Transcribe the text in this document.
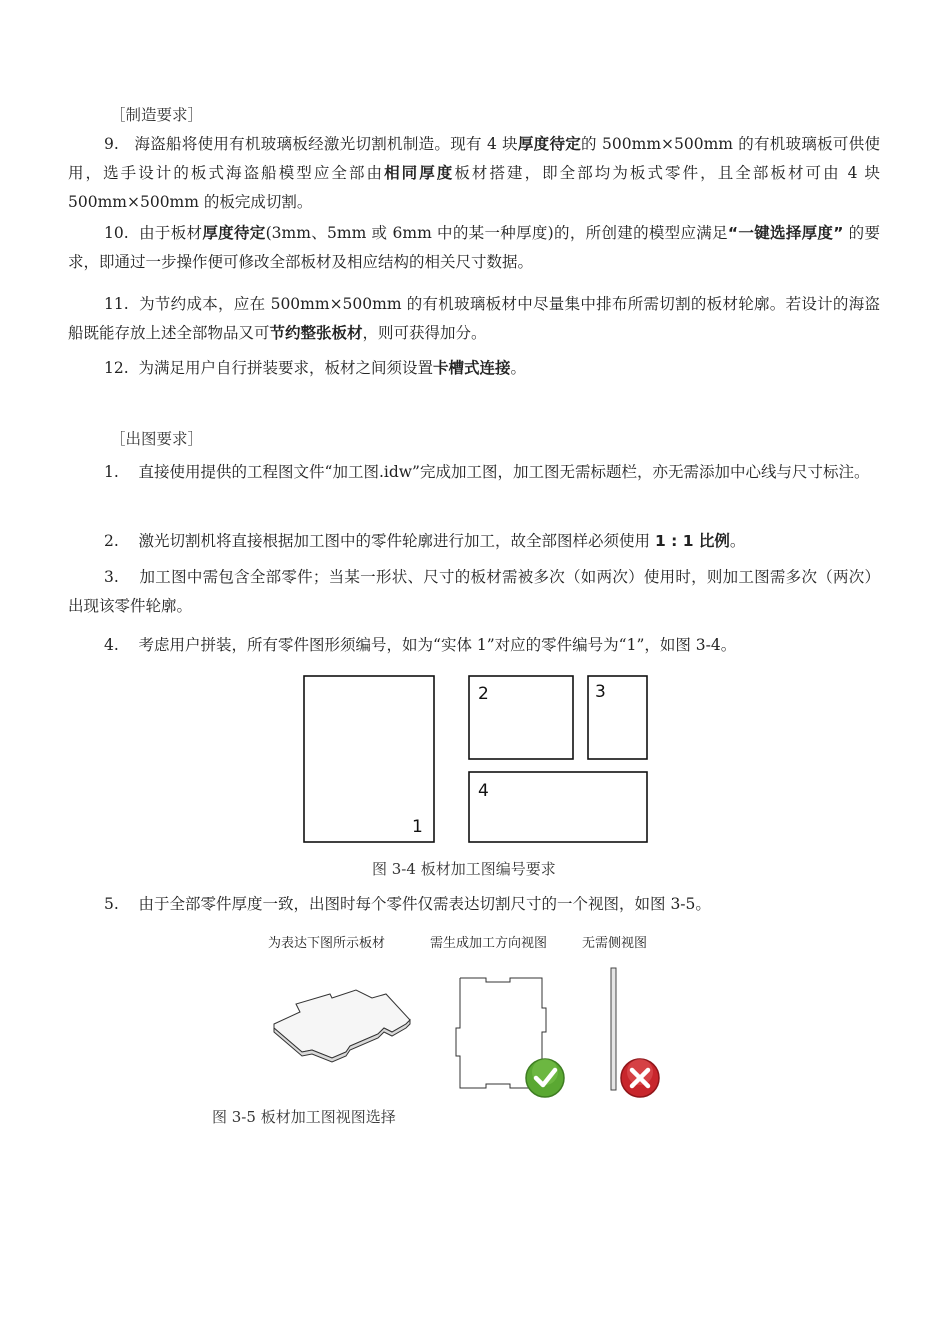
［制造要求］
9. 海盗船将使用有机玻璃板经激光切割机制造。现有 4 块厚度待定的 500mm×500mm 的有机玻璃板可供使用，选手设计的板式海盗船模型应全部由相同厚度板材搭建，即全部均为板式零件，且全部板材可由 4 块 500mm×500mm 的板完成切割。
10. 由于板材厚度待定(3mm、5mm 或 6mm 中的某一种厚度)的，所创建的模型应满足“一键选择厚度” 的要求，即通过一步操作便可修改全部板材及相应结构的相关尺寸数据。
11. 为节约成本，应在 500mm×500mm 的有机玻璃板材中尽量集中排布所需切割的板材轮廓。若设计的海盗船既能存放上述全部物品又可节约整张板材，则可获得加分。
12. 为满足用户自行拼装要求，板材之间须设置卡槽式连接。
［出图要求］
1. 直接使用提供的工程图文件“加工图.idw”完成加工图，加工图无需标题栏，亦无需添加中心线与尺寸标注。
2. 激光切割机将直接根据加工图中的零件轮廓进行加工，故全部图样必须使用 1 : 1 比例。
3. 加工图中需包含全部零件；当某一形状、尺寸的板材需被多次（如两次）使用时，则加工图需多次（两次）出现该零件轮廓。
4. 考虑用户拼装，所有零件图形须编号，如为“实体 1”对应的零件编号为“1”，如图 3-4。
1
2	3
4
图 3-4 板材加工图编号要求
5. 由于全部零件厚度一致，出图时每个零件仅需表达切割尺寸的一个视图，如图 3-5。
为表达下图所示板材	需生成加工方向视图	无需侧视图
图 3-5 板材加工图视图选择
